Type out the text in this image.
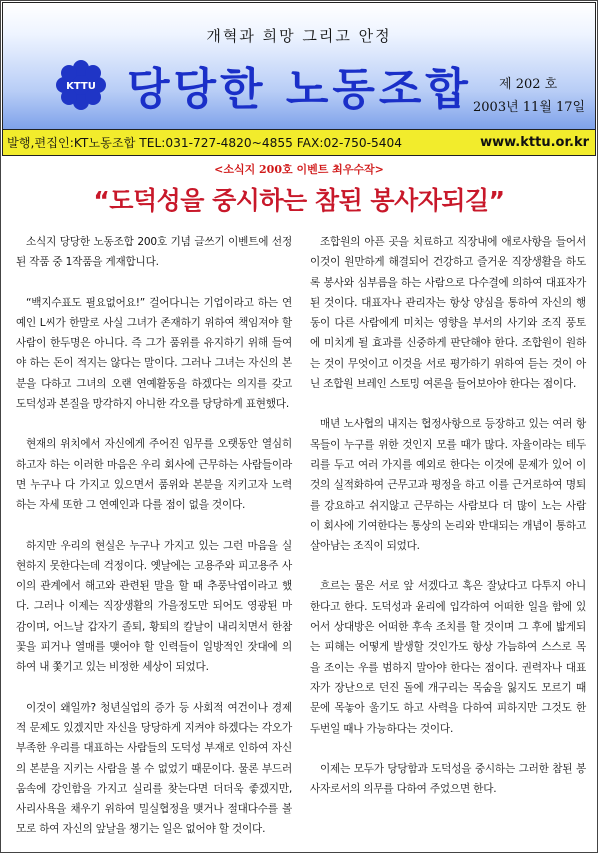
개혁과 희망 그리고 안정
KTTU 당당한 노동조합 제 202 호
2003년 11월 17일
발행,편집인:KT노동조합 TEL:031-727-4820~4855 FAX:02-750-5404	www.kttu.or.kr
<소식지 200호 이벤트 최우수작>
“도덕성을 중시하는 참된 봉사자되길”

소식지 당당한 노동조합 200호 기념 글쓰기 이벤트에 선정된 작품 중 1작품을 게재합니다.

“백지수표도 필요없어요!” 걸어다니는 기업이라고 하는 연예인 L씨가 한말로 사실 그녀가 존재하기 위하여 책임져야 할 사람이 한두명은 아니다. 즉 그가 품위를 유지하기 위해 들여야 하는 돈이 적지는 않다는 말이다. 그러나 그녀는 자신의 본분을 다하고 그녀의 오랜 연예활동을 하겠다는 의지를 갖고 도덕성과 본질을 망각하지 아니한 각오를 당당하게 표현했다.

현재의 위치에서 자신에게 주어진 임무를 오랫동안 열심히 하고자 하는 이러한 마음은 우리 회사에 근무하는 사람들이라면 누구나 다 가지고 있으면서 품위와 본분을 지키고자 노력하는 자세 또한 그 연예인과 다를 점이 없을 것이다.

하지만 우리의 현실은 누구나 가지고 있는 그런 마음을 실현하지 못한다는데 걱정이다. 옛날에는 고용주와 피고용주 사이의 관계에서 해고와 관련된 말을 할 때 추풍낙엽이라고 했다. 그러나 이제는 직장생활의 가을정도만 되어도 영광된 마감이며, 어느날 갑자기 졸퇴, 황퇴의 칼날이 내리치면서 한참 꽃을 피거나 열매를 맺어야 할 인력들이 일방적인 잣대에 의하여 내 쫓기고 있는 비정한 세상이 되었다.

이것이 왜일까? 청년실업의 증가 등 사회적 여건이나 경제적 문제도 있겠지만 자신을 당당하게 지켜야 하겠다는 각오가 부족한 우리를 대표하는 사람들의 도덕성 부재로 인하여 자신의 본분을 지키는 사람을 볼 수 없었기 때문이다. 물론 부드러움속에 강인함을 가지고 실리를 찾는다면 더더욱 좋겠지만, 사리사욕을 채우기 위하여 밀실협정을 맺거나 절대다수를 볼모로 하여 자신의 앞날을 챙기는 일은 없어야 할 것이다.

조합원의 아픈 곳을 치료하고 직장내에 애로사항을 들어서 이것이 원만하게 해결되어 건강하고 즐거운 직장생활을 하도록 봉사와 심부름을 하는 사람으로 다수결에 의하여 대표자가 된 것이다. 대표자나 관리자는 항상 양심을 통하여 자신의 행동이 다른 사람에게 미치는 영향을 부서의 사기와 조직 풍토에 미치게 될 효과를 신중하게 판단해야 한다. 조합원이 원하는 것이 무엇이고 이것을 서로 평가하기 위하여 듣는 것이 아닌 조합원 브레인 스토밍 여론을 들어보아야 한다는 점이다.

매년 노사협의 내지는 협정사항으로 등장하고 있는 여러 항목들이 누구를 위한 것인지 모를 때가 많다. 자율이라는 테두리를 두고 여러 가지를 예외로 한다는 이것에 문제가 있어 이 것의 실적화하여 근무고과 평정을 하고 이를 근거로하여 명퇴를 강요하고 쉬지않고 근무하는 사람보다 더 많이 노는 사람이 회사에 기여한다는 통상의 논리와 반대되는 개념이 통하고 살아남는 조직이 되었다.

흐르는 물은 서로 앞 서겠다고 혹은 잘났다고 다투지 아니한다고 한다. 도덕성과 윤리에 입각하여 어떠한 일을 함에 있어서 상대방은 어떠한 후속 조치를 할 것이며 그 후에 밟게되는 피해는 어떻게 발생할 것인가도 항상 가늠하여 스스로 목을 조이는 우를 범하지 말아야 한다는 점이다. 권력자나 대표자가 장난으로 던진 돌에 개구리는 목숨을 잃지도 모르기 때문에 목놓아 울기도 하고 사력을 다하여 피하지만 그것도 한두번일 때나 가능하다는 것이다.

이제는 모두가 당당함과 도덕성을 중시하는 그러한 참된 봉사자로서의 의무를 다하여 주었으면 한다.
